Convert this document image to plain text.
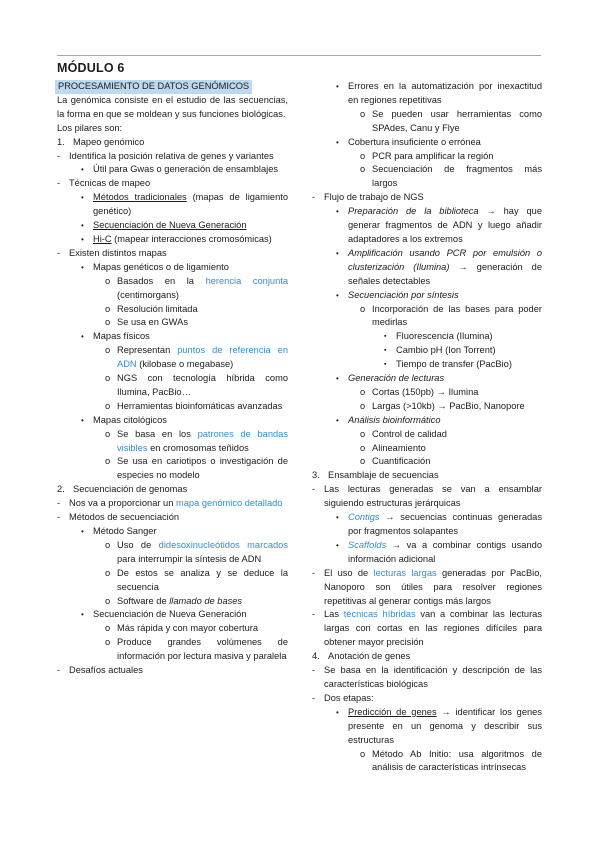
MÓDULO 6
PROCESAMIENTO DE DATOS GENÓMICOS

La genómica consiste en el estudio de las secuencias, la forma en que se moldean y sus funciones biológicas.

Los pilares son:
1. Mapeo genómico
- Identifica la posición relativa de genes y variantes
• Útil para Gwas o generación de ensamblajes
- Técnicas de mapeo
• Métodos tradicionales (mapas de ligamiento genético)
• Secuenciación de Nueva Generación
• Hi-C (mapear interacciones cromosómicas)
- Existen distintos mapas
• Mapas genéticos o de ligamiento
o Basados en la herencia conjunta (centimorgans)
o Resolución limitada
o Se usa en GWAs
• Mapas físicos
o Representan puntos de referencia en ADN (kilobase o megabase)
o NGS con tecnología híbrida como Ilumina, PacBio…
o Herramientas bioinfomáticas avanzadas
• Mapas citológicos
o Se basa en los patrones de bandas visibles en cromosomas teñidos
o Se usa en cariotipos o investigación de especies no modelo
2. Secuenciación de genomas
- Nos va a proporcionar un mapa genómico detallado
- Métodos de secuenciación
• Método Sanger
o Uso de didesoxinucleótidos marcados para interrumpir la síntesis de ADN
o De estos se analiza y se deduce la secuencia
o Software de llamado de bases
• Secuenciación de Nueva Generación
o Más rápida y con mayor cobertura
o Produce grandes volúmenes de información por lectura masiva y paralela
- Desafíos actuales
• Errores en la automatización por inexactitud en regiones repetitivas
o Se pueden usar herramientas como SPAdes, Canu y Flye
• Cobertura insuficiente o errónea
o PCR para amplificar la región
o Secuenciación de fragmentos más largos
- Flujo de trabajo de NGS
• Preparación de la biblioteca → hay que generar fragmentos de ADN y luego añadir adaptadores a los extremos
• Amplificación usando PCR por emulsión o clusterización (Ilumina) → generación de señales detectables
• Secuenciación por síntesis
o Incorporación de las bases para poder medirlas
▪	Fluorescencia (Ilumina)
▪	Cambio pH (Ion Torrent)
▪	Tiempo de transfer (PacBio)
• Generación de lecturas
o Cortas (150pb) → Ilumina
o Largas (>10kb) → PacBio, Nanopore
• Análisis bioinformático
o Control de calidad
o Alineamiento
o Cuantificación
3. Ensamblaje de secuencias
- Las lecturas generadas se van a ensamblar siguiendo estructuras jerárquicas
• Contigs → secuencias continuas generadas por fragmentos solapantes
• Scaffolds → va a combinar contigs usando información adicional
- El uso de lecturas largas generadas por PacBio, Nanoporo son útiles para resolver regiones repetitivas al generar contigs más largos
- Las técnicas híbridas van a combinar las lecturas largas con cortas en las regiones difíciles para obtener mayor precisión
4. Anotación de genes
- Se basa en la identificación y descripción de las características biológicas
- Dos etapas:
• Predicción de genes → identificar los genes presente en un genoma y describir sus estructuras
o Método Ab Initio: usa algoritmos de análisis de características intrínsecas
